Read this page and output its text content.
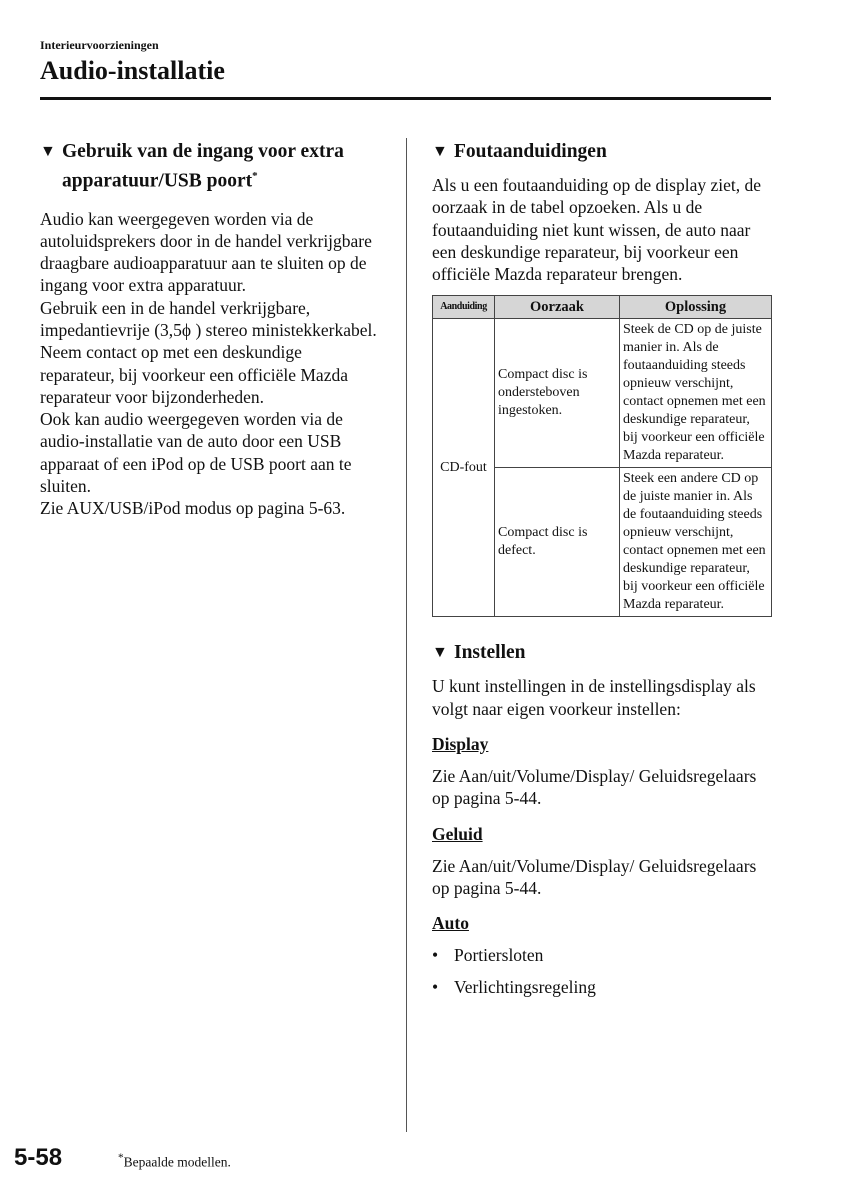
Interieurvoorzieningen
Audio-installatie
▼ Gebruik van de ingang voor extra
apparatuur/USB poort*

Audio kan weergegeven worden via de autoluidsprekers door in de handel verkrijgbare draagbare audioapparatuur aan te sluiten op de ingang voor extra apparatuur.

Gebruik een in de handel verkrijgbare, impedantievrije (3,5ϕ ) stereo ministekkerkabel. Neem contact op met een deskundige reparateur, bij voorkeur een officiële Mazda reparateur voor bijzonderheden.

Ook kan audio weergegeven worden via de audio-installatie van de auto door een USB apparaat of een iPod op de USB poort aan te sluiten.

Zie AUX/USB/iPod modus op pagina 5-63.

▼ Foutaanduidingen

Als u een foutaanduiding op de display ziet, de oorzaak in de tabel opzoeken. Als u de foutaanduiding niet kunt wissen, de auto naar een deskundige reparateur, bij voorkeur een officiële Mazda reparateur brengen.

Aanduiding	Oorzaak	Oplossing
CD-fout	Compact disc is ondersteboven ingestoken.	Steek de CD op de juiste manier in. Als de foutaanduiding steeds opnieuw verschijnt, contact opnemen met een deskundige reparateur, bij voorkeur een officiële Mazda reparateur.
	Compact disc is defect.	Steek een andere CD op de juiste manier in. Als de foutaanduiding steeds opnieuw verschijnt, contact opnemen met een deskundige reparateur, bij voorkeur een officiële Mazda reparateur.
▼ Instellen

U kunt instellingen in de instellingsdisplay als volgt naar eigen voorkeur instellen:

Display

Zie Aan/uit/Volume/Display/ Geluidsregelaars op pagina 5-44.

Geluid

Zie Aan/uit/Volume/Display/ Geluidsregelaars op pagina 5-44.

Auto
• Portiersloten
• Verlichtingsregeling
5-58	*Bepaalde modellen.
